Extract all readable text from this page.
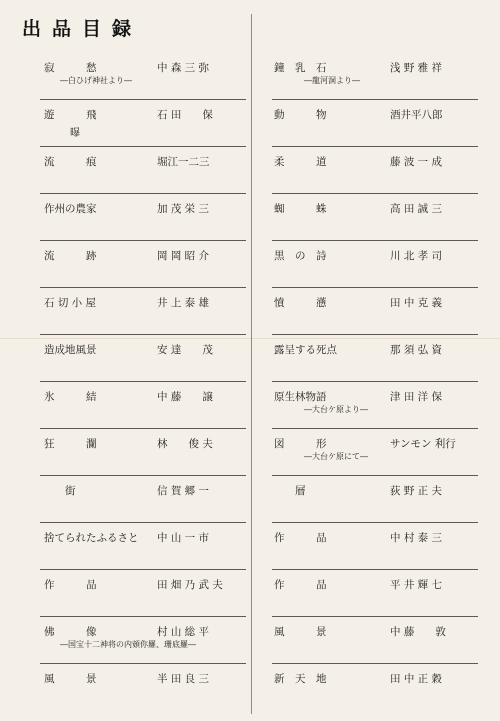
出品目録
寂　　　愁	中 森 三 弥
―白ひげ神社より―
遊　　　飛	石 田　　保
曝
流　　　痕	堀江一二三
作州の農家	加 茂 栄 三
流　　　跡	岡 岡 昭 介
石 切 小 屋	井 上 泰 雄
造成地風景	安 達　　茂
氷　　　結	中 藤　　譲
狂　　　瀾	林　　俊 夫
　　街	信 賀 郷 一
捨てられたふるさと 中 山 一 市
作　　　品	田 畑 乃 武 夫
佛　　　像	村 山 総 平
―国宝十二神将の内頞你羅、珊底羅―
風　　　景	半 田 良 三
鐘　乳　石	浅 野 雅 祥
―龍河洞より―
動　　　物	酒井平八郎
柔　　　道	藤 波 一 成
蜘　　　蛛	高 田 誠 三
黒　の　詩	川 北 孝 司
憤　　　懣	田 中 克 義
露呈する死点	那 須 弘 資
原生林物語	津 田 洋 保
―大台ケ原より―
図　　　形	サンモン 利行
―大台ケ原にて―
　　層	荻 野 正 夫
作　　　品	中 村 泰 三
作　　　品	平 井 輝 七
風　　　景	中 藤　　敦
新　天　地	田 中 正 穀
